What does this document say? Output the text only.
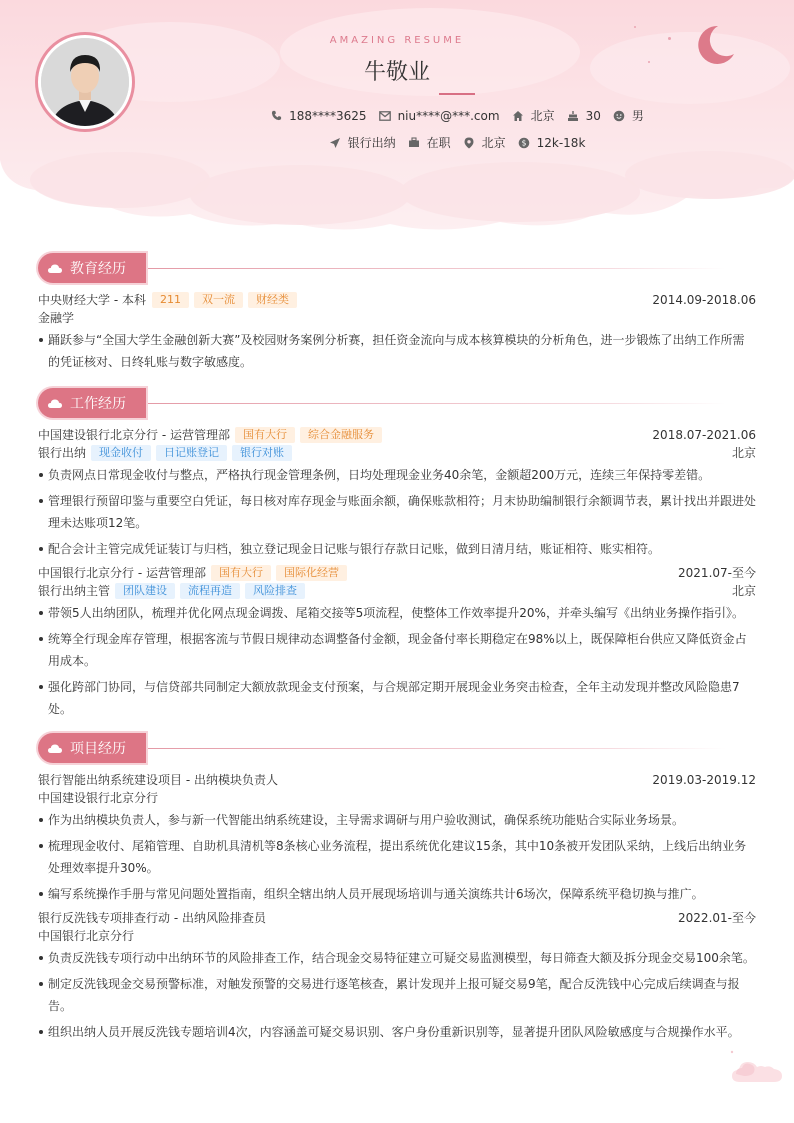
AMAZING RESUME
牛敬业
188****3625	niu****@***.com	北京	30	男
银行出纳	在职	北京 $ 12k-18k
教育经历
中央财经大学 - 本科	211	双一流	财经类	2014.09-2018.06
金融学
踊跃参与“全国大学生金融创新大赛”及校园财务案例分析赛，担任资金流向与成本核算模块的分析角色，进一步锻炼了出纳工作所需的凭证核对、日终轧账与数字敏感度。
工作经历
中国建设银行北京分行 - 运营管理部	国有大行	综合金融服务	2018.07-2021.06
银行出纳	现金收付	日记账登记	银行对账	北京
负责网点日常现金收付与整点，严格执行现金管理条例，日均处理现金业务40余笔，金额超200万元，连续三年保持零差错。
管理银行预留印鉴与重要空白凭证，每日核对库存现金与账面余额，确保账款相符；月末协助编制银行余额调节表，累计找出并跟进处理未达账项12笔。
配合会计主管完成凭证装订与归档，独立登记现金日记账与银行存款日记账，做到日清月结，账证相符、账实相符。
中国银行北京分行 - 运营管理部	国有大行	国际化经营	2021.07-至今
银行出纳主管	团队建设	流程再造	风险排查	北京
带领5人出纳团队，梳理并优化网点现金调拨、尾箱交接等5项流程，使整体工作效率提升20%，并牵头编写《出纳业务操作指引》。
统筹全行现金库存管理，根据客流与节假日规律动态调整备付金额，现金备付率长期稳定在98%以上，既保障柜台供应又降低资金占用成本。
强化跨部门协同，与信贷部共同制定大额放款现金支付预案，与合规部定期开展现金业务突击检查，全年主动发现并整改风险隐患7处。
项目经历
银行智能出纳系统建设项目 - 出纳模块负责人	2019.03-2019.12
中国建设银行北京分行
作为出纳模块负责人，参与新一代智能出纳系统建设，主导需求调研与用户验收测试，确保系统功能贴合实际业务场景。
梳理现金收付、尾箱管理、自助机具清机等8条核心业务流程，提出系统优化建议15条，其中10条被开发团队采纳，上线后出纳业务处理效率提升30%。
编写系统操作手册与常见问题处置指南，组织全辖出纳人员开展现场培训与通关演练共计6场次，保障系统平稳切换与推广。
银行反洗钱专项排查行动 - 出纳风险排查员	2022.01-至今
中国银行北京分行
负责反洗钱专项行动中出纳环节的风险排查工作，结合现金交易特征建立可疑交易监测模型，每日筛查大额及拆分现金交易100余笔。
制定反洗钱现金交易预警标准，对触发预警的交易进行逐笔核查，累计发现并上报可疑交易9笔，配合反洗钱中心完成后续调查与报告。
组织出纳人员开展反洗钱专题培训4次，内容涵盖可疑交易识别、客户身份重新识别等，显著提升团队风险敏感度与合规操作水平。
